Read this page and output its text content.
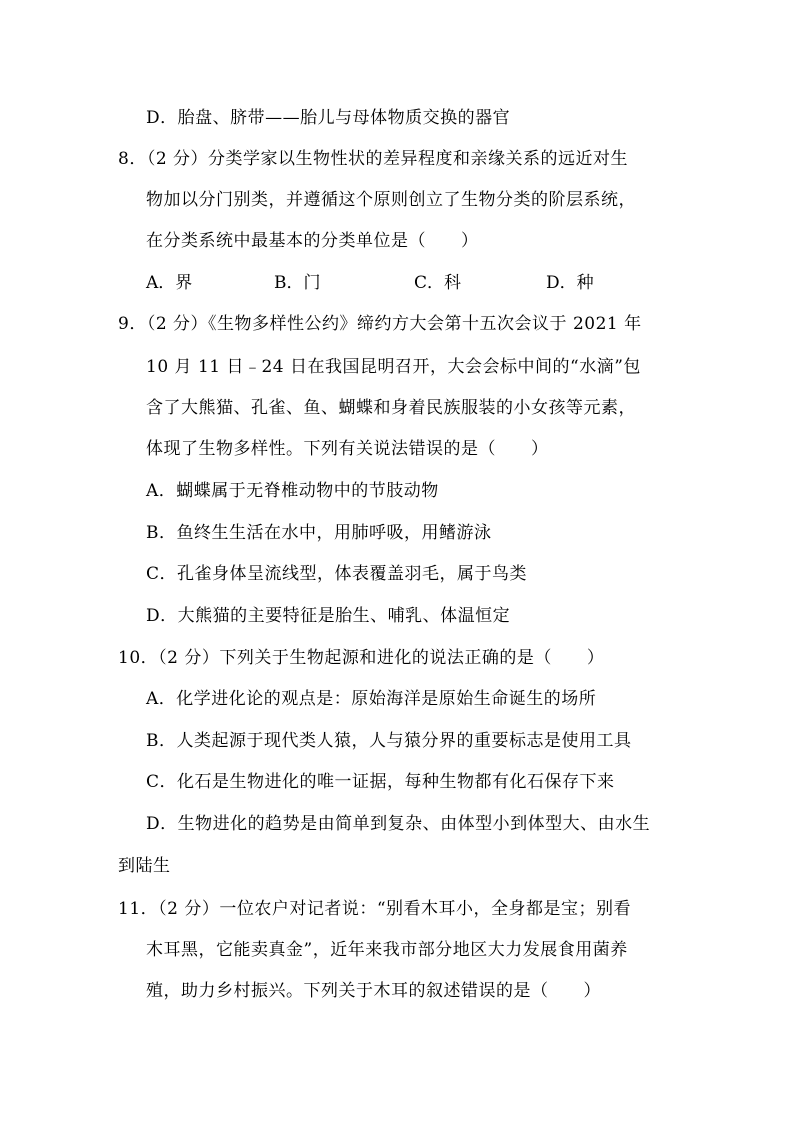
D．胎盘、脐带——胎儿与母体物质交换的器官
8．（2 分）分类学家以生物性状的差异程度和亲缘关系的远近对生
物加以分门别类，并遵循这个原则创立了生物分类的阶层系统，
在分类系统中最基本的分类单位是（　　）
A．界	B．门	C．科	D．种
9．（2 分）《生物多样性公约》缔约方大会第十五次会议于 2021 年
10 月 11 日﹣24 日在我国昆明召开，大会会标中间的“水滴”包
含了大熊猫、孔雀、鱼、蝴蝶和身着民族服装的小女孩等元素，
体现了生物多样性。下列有关说法错误的是（　　）
A．蝴蝶属于无脊椎动物中的节肢动物
B．鱼终生生活在水中，用肺呼吸，用鳍游泳
C．孔雀身体呈流线型，体表覆盖羽毛，属于鸟类
D．大熊猫的主要特征是胎生、哺乳、体温恒定
10．（2 分）下列关于生物起源和进化的说法正确的是（　　）
A．化学进化论的观点是：原始海洋是原始生命诞生的场所
B．人类起源于现代类人猿，人与猿分界的重要标志是使用工具
C．化石是生物进化的唯一证据，每种生物都有化石保存下来
D．生物进化的趋势是由简单到复杂、由体型小到体型大、由水生
到陆生
11．（2 分）一位农户对记者说：“别看木耳小，全身都是宝；别看
木耳黑，它能卖真金”，近年来我市部分地区大力发展食用菌养
殖，助力乡村振兴。下列关于木耳的叙述错误的是（　　）
